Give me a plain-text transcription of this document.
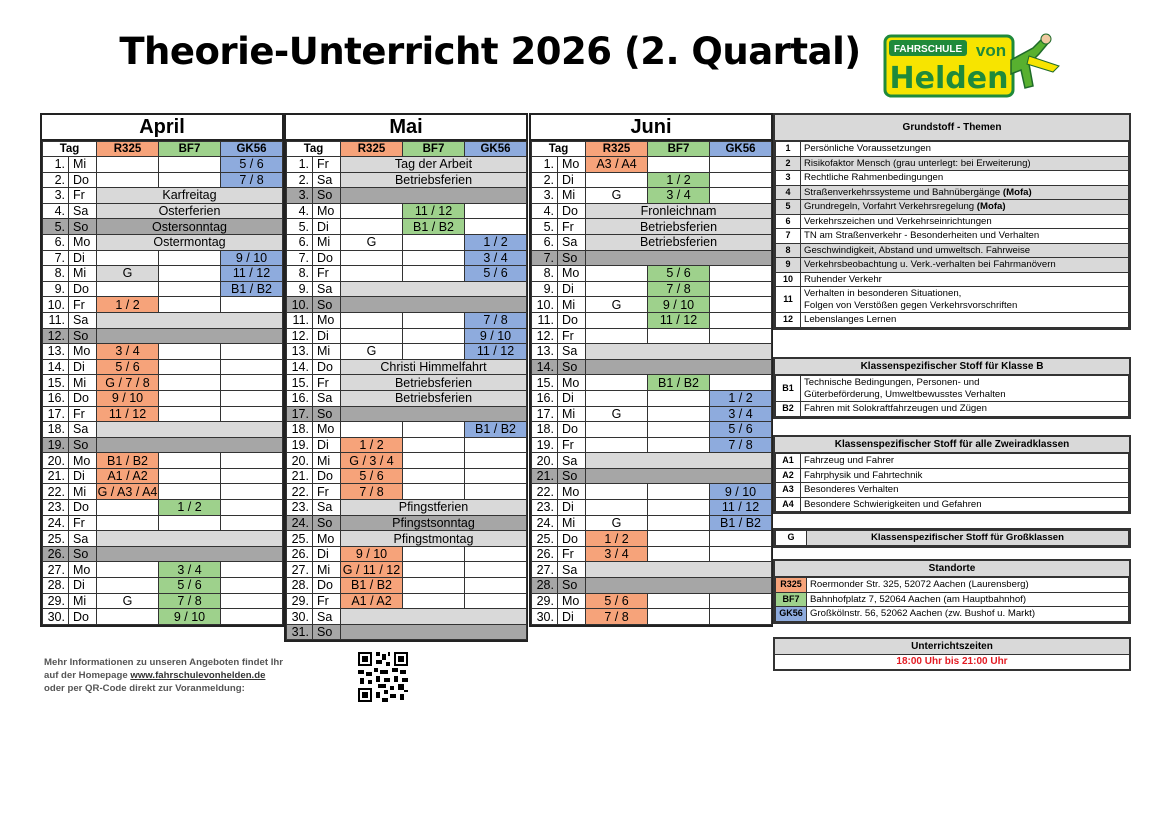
Theorie-Unterricht 2026 (2. Quartal)	FAHRSCHULE von
Helden
April
Tag		R325	BF7	GK56
1.	Mi			5 / 6
2.	Do			7 / 8
3.	Fr	Karfreitag		
4.	Sa	Osterferien		
5.	So	Ostersonntag		
6.	Mo	Ostermontag		
7.	Di			9 / 10
8.	Mi	G		11 / 12
9.	Do			B1 / B2
10.	Fr	1 / 2		
11.	Sa			
12.	So			
13.	Mo	3 / 4		
14.	Di	5 / 6		
15.	Mi	G / 7 / 8		
16.	Do	9 / 10		
17.	Fr	11 / 12		
18.	Sa			
19.	So			
20.	Mo	B1 / B2		
21.	Di	A1 / A2		
22.	Mi	G / A3 / A4		
23.	Do		1 / 2	
24.	Fr			
25.	Sa			
26.	So			
27.	Mo		3 / 4	
28.	Di		5 / 6	
29.	Mi	G	7 / 8	
30.	Do		9 / 10	
Mai
Tag		R325	BF7	GK56
1.	Fr	Tag der Arbeit		
2.	Sa	Betriebsferien		
3.	So			
4.	Mo		11 / 12	
5.	Di		B1 / B2	
6.	Mi	G		1 / 2
7.	Do			3 / 4
8.	Fr			5 / 6
9.	Sa			
10.	So			
11.	Mo			7 / 8
12.	Di			9 / 10
13.	Mi	G		11 / 12
14.	Do	Christi Himmelfahrt		
15.	Fr	Betriebsferien		
16.	Sa	Betriebsferien		
17.	So			
18.	Mo			B1 / B2
19.	Di	1 / 2		
20.	Mi	G / 3 / 4		
21.	Do	5 / 6		
22.	Fr	7 / 8		
23.	Sa	Pfingstferien		
24.	So	Pfingstsonntag		
25.	Mo	Pfingstmontag		
26.	Di	9 / 10		
27.	Mi	G / 11 / 12		
28.	Do	B1 / B2		
29.	Fr	A1 / A2		
30.	Sa			
31.	So			
Juni
Tag		R325	BF7	GK56
1.	Mo	A3 / A4		
2.	Di		1 / 2	
3.	Mi	G	3 / 4	
4.	Do	Fronleichnam		
5.	Fr	Betriebsferien		
6.	Sa	Betriebsferien		
7.	So			
8.	Mo		5 / 6	
9.	Di		7 / 8	
10.	Mi	G	9 / 10	
11.	Do		11 / 12	
12.	Fr			
13.	Sa			
14.	So			
15.	Mo		B1 / B2	
16.	Di			1 / 2
17.	Mi	G		3 / 4
18.	Do			5 / 6
19.	Fr			7 / 8
20.	Sa			
21.	So			
22.	Mo			9 / 10
23.	Di			11 / 12
24.	Mi	G		B1 / B2
25.	Do	1 / 2		
26.	Fr	3 / 4		
27.	Sa			
28.	So			
29.	Mo	5 / 6		
30.	Di	7 / 8		
Grundstoff - Themen
1	Persönliche Voraussetzungen
2	Risikofaktor Mensch (grau unterlegt: bei Erweiterung)
3	Rechtliche Rahmenbedingungen
4	Straßenverkehrssysteme und Bahnübergänge (Mofa)
5	Grundregeln, Vorfahrt Verkehrsregelung (Mofa)
6	Verkehrszeichen und Verkehrseinrichtungen
7	TN am Straßenverkehr - Besonderheiten und Verhalten
8	Geschwindigkeit, Abstand und umweltsch. Fahrweise
9	Verkehrsbeobachtung u. Verk.-verhalten bei Fahrmanövern
10	Ruhender Verkehr
11	Verhalten in besonderen Situationen,
Folgen von Verstößen gegen Verkehrsvorschriften
12	Lebenslanges Lernen
Klassenspezifischer Stoff für Klasse B
B1	Technische Bedingungen, Personen- und
Güterbeförderung, Umweltbewusstes Verhalten
B2	Fahren mit Solokraftfahrzeugen und Zügen
Klassenspezifischer Stoff für alle Zweiradklassen
A1	Fahrzeug und Fahrer
A2	Fahrphysik und Fahrtechnik
A3	Besonderes Verhalten
A4	Besondere Schwierigkeiten und Gefahren
G	Klassenspezifischer Stoff für Großklassen
Standorte
R325	Roermonder Str. 325, 52072 Aachen (Laurensberg)
BF7	Bahnhofplatz 7, 52064 Aachen (am Hauptbahnhof)
GK56	Großkölnstr. 56, 52062 Aachen (zw. Bushof u. Markt)
Unterrichtszeiten
18:00 Uhr bis 21:00 Uhr
Mehr Informationen zu unseren Angeboten findet Ihr
auf der Homepage www.fahrschulevonhelden.de
oder per QR-Code direkt zur Voranmeldung:
